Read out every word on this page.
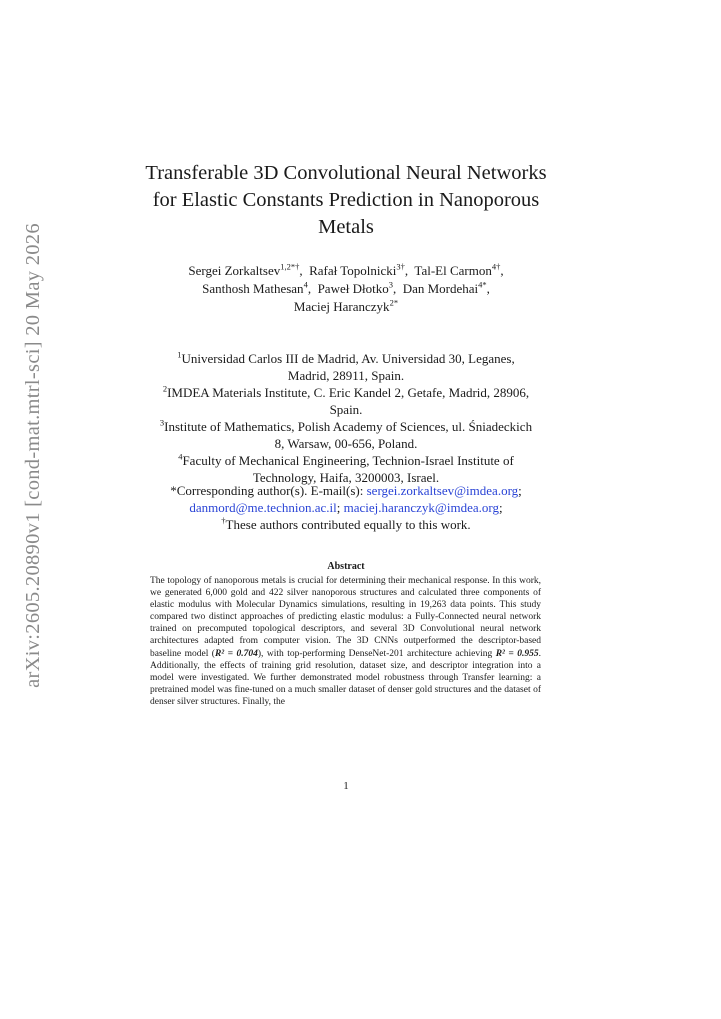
arXiv:2605.20890v1 [cond-mat.mtrl-sci] 20 May 2026
Transferable 3D Convolutional Neural Networks
for Elastic Constants Prediction in Nanoporous
Metals
Sergei Zorkaltsev$^{1,2*\dagger}$,  Rafał Topolnicki$^{3\dagger}$,  Tal-El Carmon$^{4\dagger}$,
Santhosh Mathesan$^4$,  Paweł Dłotko$^3$,  Dan Mordehai$^{4*}$,
Maciej Haranczyk$^{2*}$
$^1$Universidad Carlos III de Madrid, Av. Universidad 30, Leganes,
Madrid, 28911, Spain.
$^2$IMDEA Materials Institute, C. Eric Kandel 2, Getafe, Madrid, 28906,
Spain.
$^3$Institute of Mathematics, Polish Academy of Sciences, ul. Śniadeckich
8, Warsaw, 00-656, Poland.
$^4$Faculty of Mechanical Engineering, Technion-Israel Institute of
Technology, Haifa, 3200003, Israel.
*Corresponding author(s). E-mail(s): sergei.zorkaltsev@imdea.org;
danmord@me.technion.ac.il; maciej.haranczyk@imdea.org;
†These authors contributed equally to this work.
Abstract
The topology of nanoporous metals is crucial for determining their mechanical response. In this work, we generated 6,000 gold and 422 silver nanoporous structures and calculated three components of elastic modulus with Molecular Dynamics simulations, resulting in 19,263 data points. This study compared two distinct approaches of predicting elastic modulus: a Fully-Connected neural network trained on precomputed topological descriptors, and several 3D Convolutional neural network architectures adapted from computer vision. The 3D CNNs outperformed the descriptor-based baseline model (R² = 0.704), with top-performing DenseNet-201 architecture achieving R² = 0.955. Additionally, the effects of training grid resolution, dataset size, and descriptor integration into a model were investigated. We further demonstrated model robustness through Transfer learning: a pretrained model was fine-tuned on a much smaller dataset of denser gold structures and the dataset of denser silver structures. Finally, the
1
